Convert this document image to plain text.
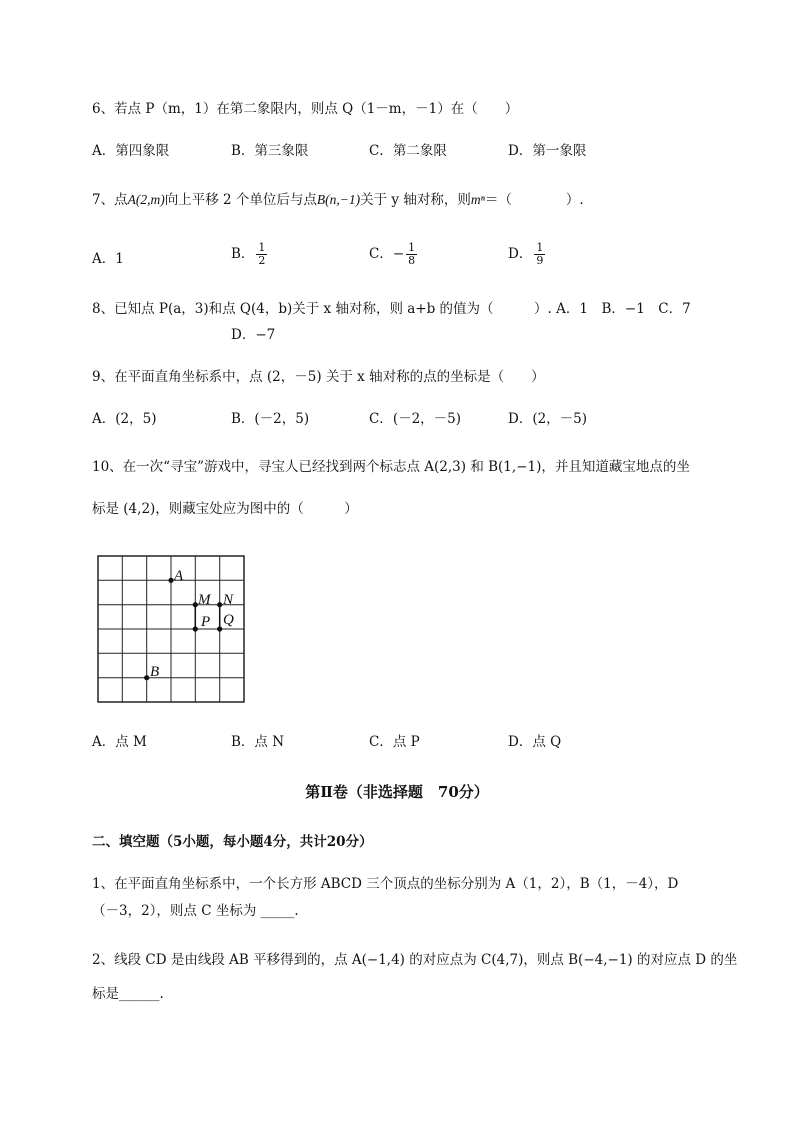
6、若点 P（m，1）在第二象限内，则点 Q（1－m，－1）在（　　）
A．第四象限	B．第三象限	C．第二象限	D．第一象限
7、点A(2,m)向上平移 2 个单位后与点B(n,−1)关于 y 轴对称，则mⁿ＝（　　　　）.
A．1	B． $\frac{1}{2}$	C．− $\frac{1}{8}$	D． $\frac{1}{9}$
8、已知点 P(a，3)和点 Q(4，b)关于 x 轴对称，则 a+b 的值为（　　　）. A．1　B．−1　C．7
D．−7
9、在平面直角坐标系中，点 (2，－5) 关于 x 轴对称的点的坐标是（　　）
A．(2，5)	B．(－2，5)	C．(－2，－5)	D．(2，－5)
10、在一次“寻宝”游戏中，寻宝人已经找到两个标志点 A(2,3) 和 B(1,−1)，并且知道藏宝地点的坐
标是 (4,2)，则藏宝处应为图中的（　　　）
A
M N
P Q
B
A．点 M	B．点 N	C．点 P	D．点 Q
第Ⅱ卷（非选择题　70分）
二、填空题（5小题，每小题4分，共计20分）
1、在平面直角坐标系中，一个长方形 ABCD 三个顶点的坐标分别为 A（1，2），B（1，－4），D
（－3，2），则点 C 坐标为 _____.
2、线段 CD 是由线段 AB 平移得到的，点 A(−1,4) 的对应点为 C(4,7)，则点 B(−4,−1) 的对应点 D 的坐
标是______.
